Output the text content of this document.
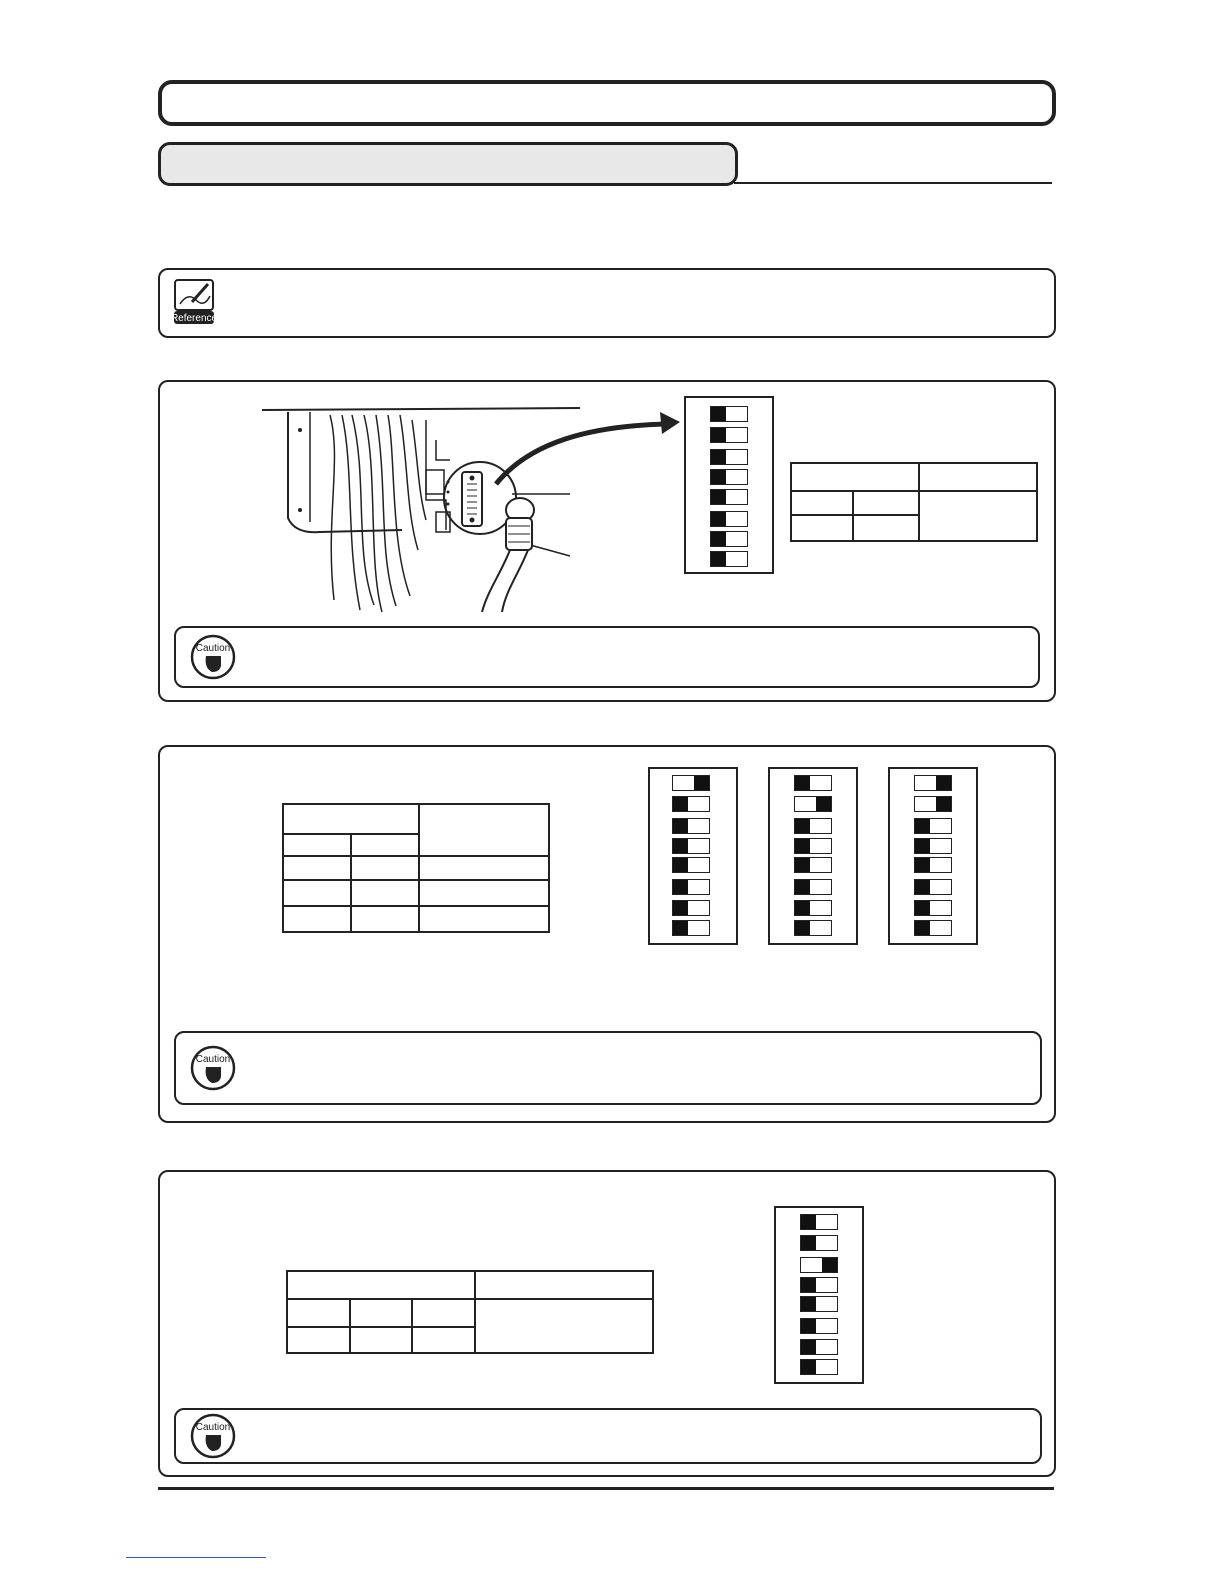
Reference

Caution

Caution

Caution
